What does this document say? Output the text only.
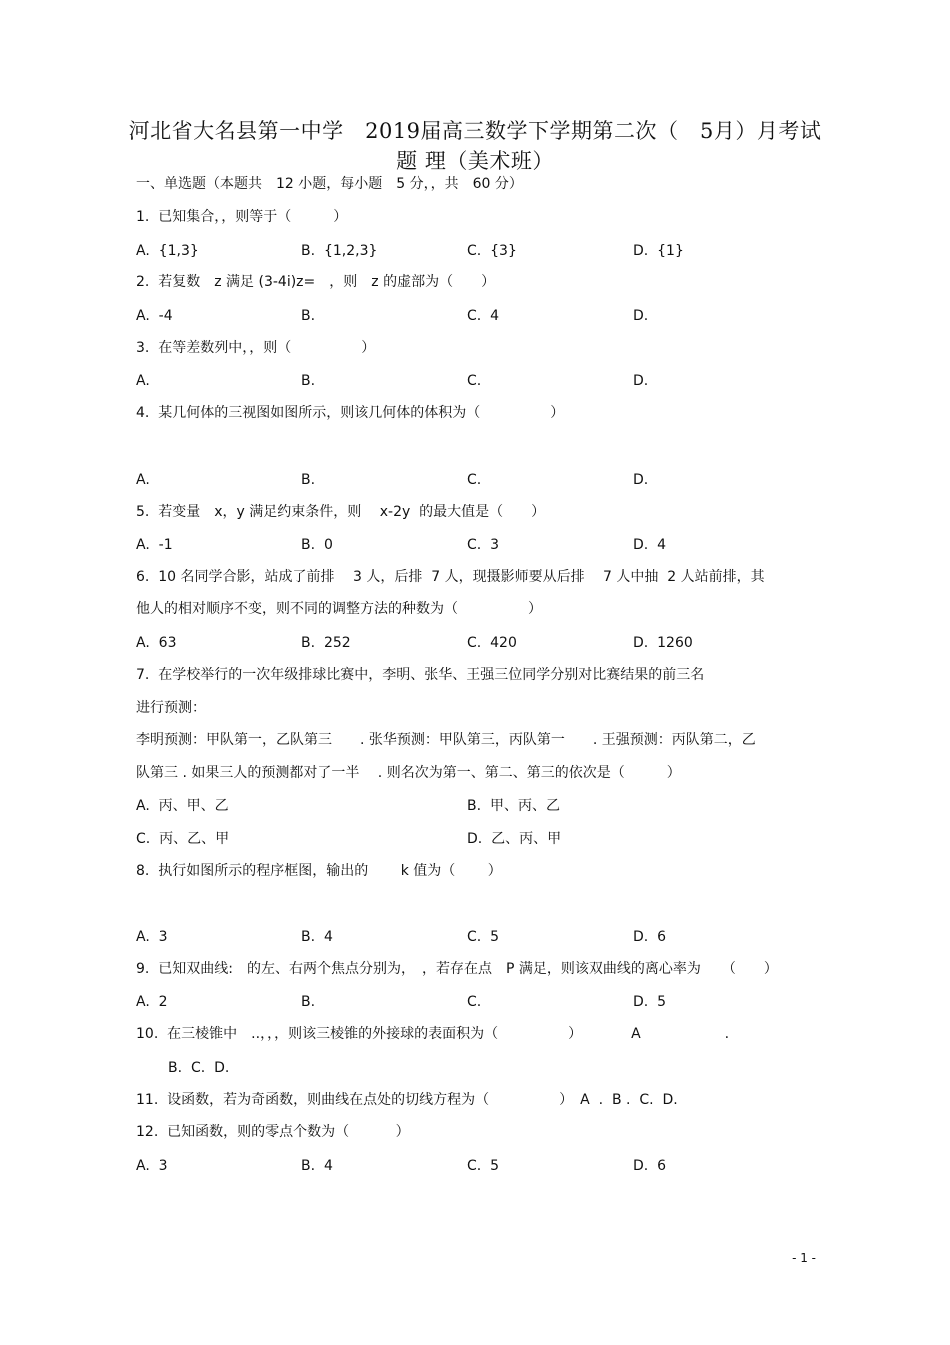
河北省大名县第一中学　2019届高三数学下学期第二次（　5月）月考试
题 理（美术班）
一、单选题（本题共　12 小题，每小题　5 分，，共　60 分）
1.  已知集合，，则等于（　　　）
A.  {1,3}	B.  {1,2,3}	C.  {3}	D.  {1}
2.  若复数　z 满足 (3-4i)z=　，则　z 的虚部为（　　）
A.  -4	B.	C.  4	D.
3.  在等差数列中，，则（　　　　　）
A.	B.	C.	D.
4.  某几何体的三视图如图所示，则该几何体的体积为（　　　　　）
A.	B.	C.	D.
5.  若变量　x，y 满足约束条件，则　 x-2y  的最大值是（　　）
A.  -1	B.  0	C.  3	D.  4
6.  10 名同学合影，站成了前排　 3 人，后排  7 人，现摄影师要从后排　 7 人中抽  2 人站前排，其
他人的相对顺序不变，则不同的调整方法的种数为（　　　　　）
A.  63	B.  252	C.  420	D.  1260
7.  在学校举行的一次年级排球比赛中，李明、张华、王强三位同学分别对比赛结果的前三名
进行预测：
李明预测：甲队第一，乙队第三　　. 张华预测：甲队第三，丙队第一　　. 王强预测：丙队第二，乙
队第三 . 如果三人的预测都对了一半　 . 则名次为第一、第二、第三的依次是（　　　）
A.  丙、甲、乙	B.  甲、丙、乙
C.  丙、乙、甲	D.  乙、丙、甲
8.  执行如图所示的程序框图，输出的　　 k 值为（　　 ）
A.  3	B.  4	C.  5	D.  6
9.  已知双曲线:　的左、右两个焦点分别为，　，若存在点　P 满足，则该双曲线的离心率为　　（　　）
A.  2	B.	C.	D.  5
10.  在三棱锥中　..，，，则该三棱锥的外接球的表面积为（　　　　　）　　　　A　　　　　　.
B.  C.  D.
11.  设函数，若为奇函数，则曲线在点处的切线方程为（　　　　　）　A  .  B .  C.  D.
12.  已知函数，则的零点个数为（　　　 ）
A.  3	B.  4	C.  5	D.  6
- 1 -
